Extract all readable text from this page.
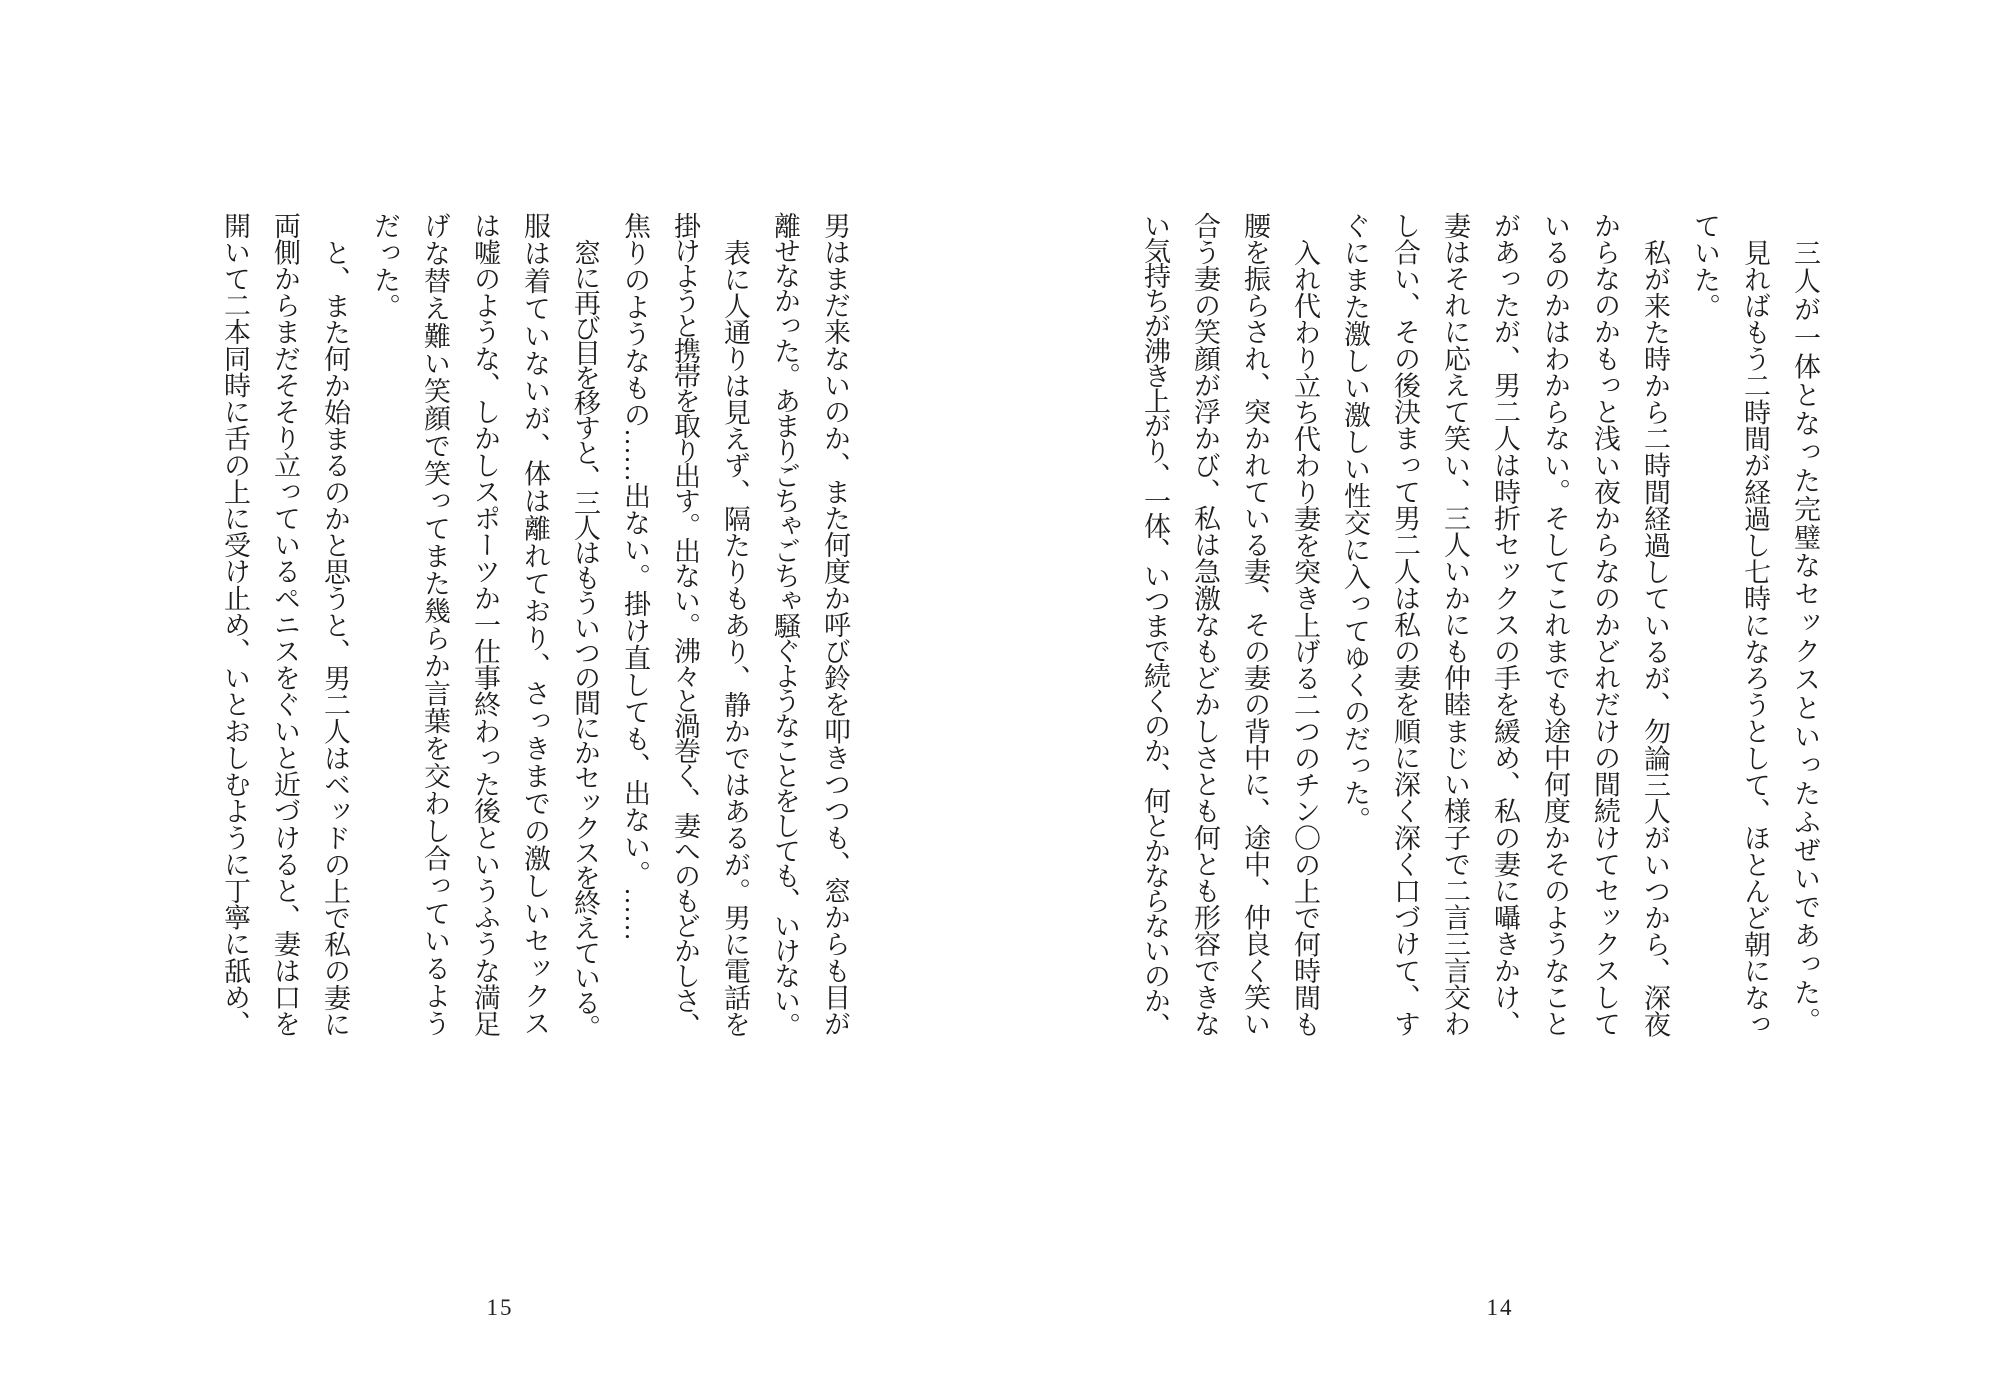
三人が一体となった完璧なセックスといったふぜいであった。
見ればもう二時間が経過し七時になろうとして、ほとんど朝になっ
ていた。
私が来た時から二時間経過しているが、勿論三人がいつから、深夜
からなのかもっと浅い夜からなのかどれだけの間続けてセックスして
いるのかはわからない。そしてこれまでも途中何度かそのようなこと
があったが、男二人は時折セックスの手を緩め、私の妻に囁きかけ、
妻はそれに応えて笑い、三人いかにも仲睦まじい様子で二言三言交わ
し合い、その後決まって男二人は私の妻を順に深く深く口づけて、す
ぐにまた激しい激しい性交に入ってゆくのだった。
入れ代わり立ち代わり妻を突き上げる二つのチン〇の上で何時間も
腰を振らされ、突かれている妻、その妻の背中に、途中、仲良く笑い
合う妻の笑顔が浮かび、私は急激なもどかしさとも何とも形容できな
い気持ちが沸き上がり、一体、いつまで続くのか、何とかならないのか、
14
男はまだ来ないのか、また何度か呼び鈴を叩きつつも、窓からも目が
離せなかった。あまりごちゃごちゃ騒ぐようなことをしても、いけない。
表に人通りは見えず、隔たりもあり、静かではあるが。男に電話を
掛けようと携帯を取り出す。出ない。沸々と渦巻く、妻へのもどかしさ、
焦りのようなもの……出ない。掛け直しても、出ない。……
窓に再び目を移すと、三人はもういつの間にかセックスを終えている。
服は着ていないが、体は離れており、さっきまでの激しいセックス
は嘘のような、しかしスポーツか一仕事終わった後というふうな満足
げな替え難い笑顔で笑ってまた幾らか言葉を交わし合っているよう
だった。
と、また何か始まるのかと思うと、男二人はベッドの上で私の妻に
両側からまだそそり立っているペニスをぐいと近づけると、妻は口を
開いて二本同時に舌の上に受け止め、いとおしむように丁寧に舐め、
15
